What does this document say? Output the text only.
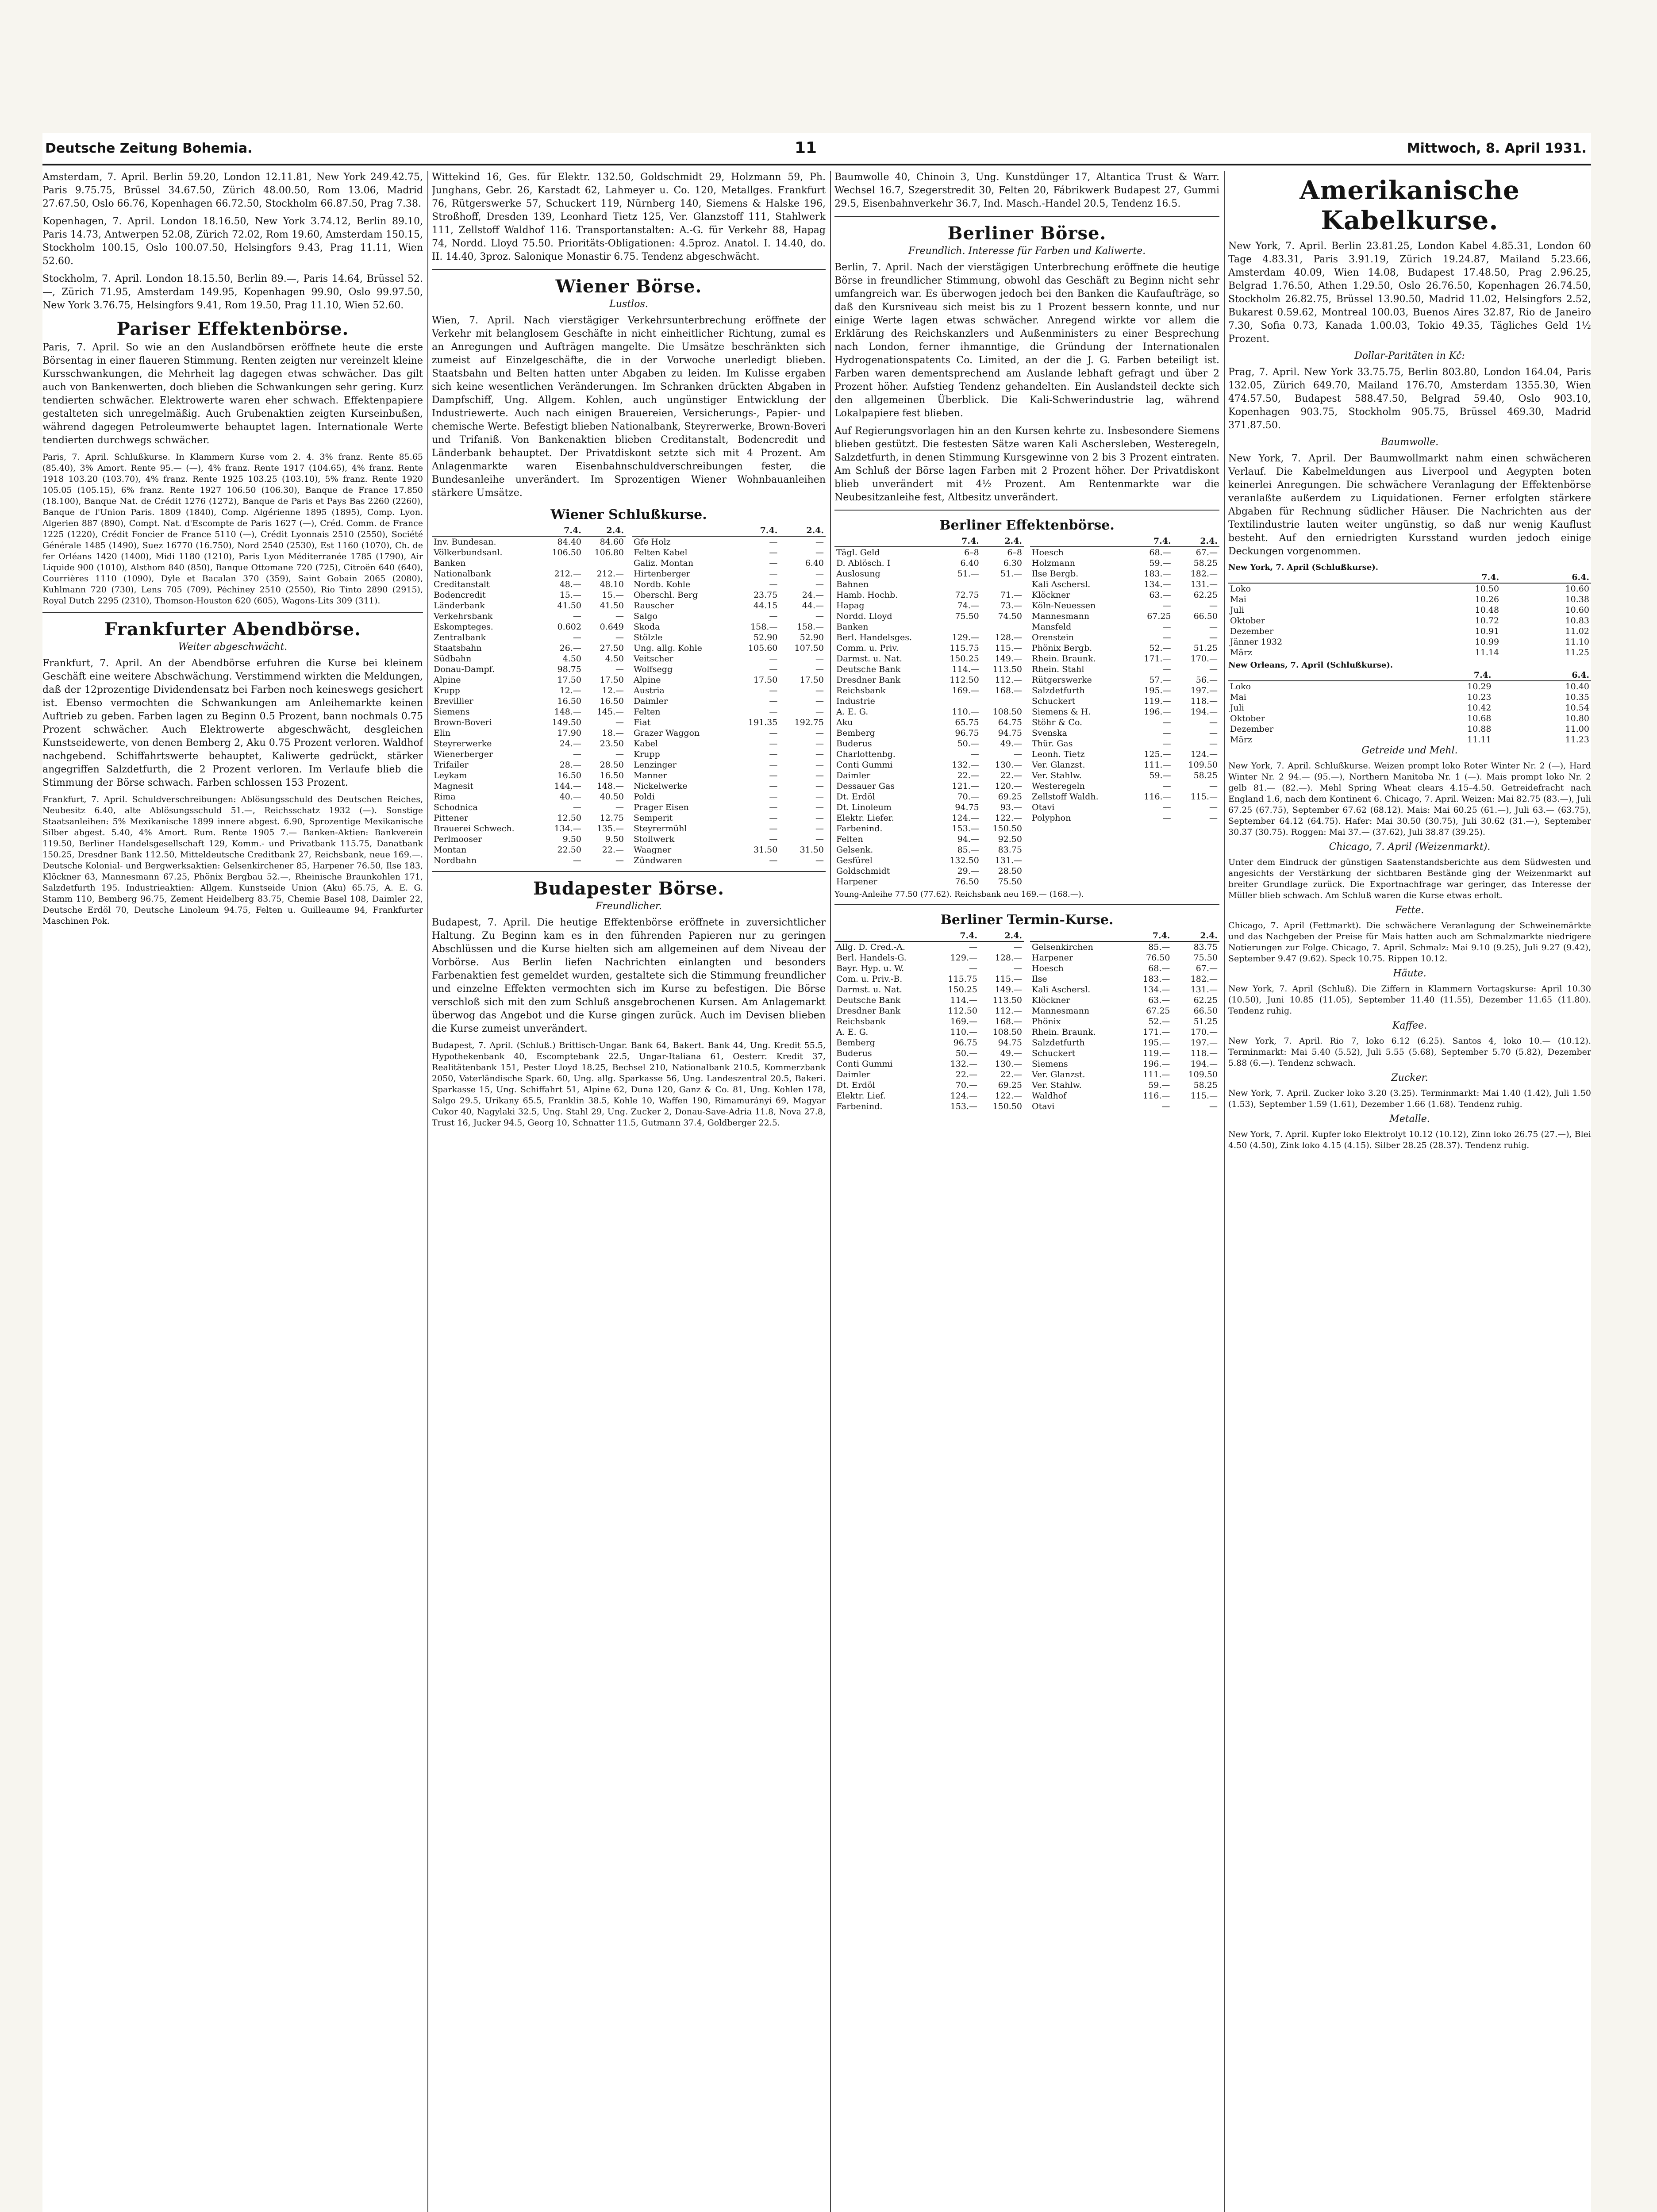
Deutsche Zeitung Bohemia.	11	Mittwoch, 8. April 1931.

Amsterdam, 7. April. Berlin 59.20, London 12.11.81, New York 249.42.75, Paris 9.75.75, Brüssel 34.67.50, Zürich 48.00.50, Rom 13.06, Madrid 27.67.50, Oslo 66.76, Kopenhagen 66.72.50, Stockholm 66.87.50, Prag 7.38.

Kopenhagen, 7. April. London 18.16.50, New York 3.74.12, Berlin 89.10, Paris 14.73, Antwerpen 52.08, Zürich 72.02, Rom 19.60, Amsterdam 150.15, Stockholm 100.15, Oslo 100.07.50, Helsingfors 9.43, Prag 11.11, Wien 52.60.

Stockholm, 7. April. London 18.15.50, Berlin 89.—, Paris 14.64, Brüssel 52.—, Zürich 71.95, Amsterdam 149.95, Kopenhagen 99.90, Oslo 99.97.50, New York 3.76.75, Helsingfors 9.41, Rom 19.50, Prag 11.10, Wien 52.60.

Pariser Effektenbörse.

Paris, 7. April. So wie an den Auslandbörsen eröffnete heute die erste Börsentag in einer flaueren Stimmung. Renten zeigten nur vereinzelt kleine Kursschwankungen, die Mehrheit lag dagegen etwas schwächer. Das gilt auch von Bankenwerten, doch blieben die Schwankungen sehr gering. Kurz tendierten schwächer. Elektrowerte waren eher schwach. Effektenpapiere gestalteten sich unregelmäßig. Auch Grubenaktien zeigten Kurseinbußen, während dagegen Petroleumwerte behauptet lagen. Internationale Werte tendierten durchwegs schwächer.

Paris, 7. April. Schlußkurse. In Klammern Kurse vom 2. 4. 3% franz. Rente 85.65 (85.40), 3% Amort. Rente 95.— (—), 4% franz. Rente 1917 (104.65), 4% franz. Rente 1918 103.20 (103.70), 4% franz. Rente 1925 103.25 (103.10), 5% franz. Rente 1920 105.05 (105.15), 6% franz. Rente 1927 106.50 (106.30), Banque de France 17.850 (18.100), Banque Nat. de Crédit 1276 (1272), Banque de Paris et Pays Bas 2260 (2260), Banque de l'Union Paris. 1809 (1840), Comp. Algérienne 1895 (1895), Comp. Lyon. Algerien 887 (890), Compt. Nat. d'Escompte de Paris 1627 (—), Créd. Comm. de France 1225 (1220), Crédit Foncier de France 5110 (—), Crédit Lyonnais 2510 (2550), Société Générale 1485 (1490), Suez 16770 (16.750), Nord 2540 (2530), Est 1160 (1070), Ch. de fer Orléans 1420 (1400), Midi 1180 (1210), Paris Lyon Méditerranée 1785 (1790), Air Liquide 900 (1010), Alsthom 840 (850), Banque Ottomane 720 (725), Citroën 640 (640), Courrières 1110 (1090), Dyle et Bacalan 370 (359), Saint Gobain 2065 (2080), Kuhlmann 720 (730), Lens 705 (709), Péchiney 2510 (2550), Rio Tinto 2890 (2915), Royal Dutch 2295 (2310), Thomson-Houston 620 (605), Wagons-Lits 309 (311).

Frankfurter Abendbörse.
Weiter abgeschwächt.

Frankfurt, 7. April. An der Abendbörse erfuhren die Kurse bei kleinem Geschäft eine weitere Abschwächung. Verstimmend wirkten die Meldungen, daß der 12prozentige Dividendensatz bei Farben noch keineswegs gesichert ist. Ebenso vermochten die Schwankungen am Anleihemarkte keinen Auftrieb zu geben. Farben lagen zu Beginn 0.5 Prozent, bann nochmals 0.75 Prozent schwächer. Auch Elektrowerte abgeschwächt, desgleichen Kunstseidewerte, von denen Bemberg 2, Aku 0.75 Prozent verloren. Waldhof nachgebend. Schiffahrtswerte behauptet, Kaliwerte gedrückt, stärker angegriffen Salzdetfurth, die 2 Prozent verloren. Im Verlaufe blieb die Stimmung der Börse schwach. Farben schlossen 153 Prozent.

Frankfurt, 7. April. Schuldverschreibungen: Ablösungsschuld des Deutschen Reiches, Neubesitz 6.40, alte Ablösungsschuld 51.—, Reichsschatz 1932 (—). Sonstige Staatsanleihen: 5% Mexikanische 1899 innere abgest. 6.90, Sprozentige Mexikanische Silber abgest. 5.40, 4% Amort. Rum. Rente 1905 7.— Banken-Aktien: Bankverein 119.50, Berliner Handelsgesellschaft 129, Komm.- und Privatbank 115.75, Danatbank 150.25, Dresdner Bank 112.50, Mitteldeutsche Creditbank 27, Reichsbank, neue 169.—. Deutsche Kolonial- und Bergwerksaktien: Gelsenkirchener 85, Harpener 76.50, Ilse 183, Klöckner 63, Mannesmann 67.25, Phönix Bergbau 52.—, Rheinische Braunkohlen 171, Salzdetfurth 195. Industrieaktien: Allgem. Kunstseide Union (Aku) 65.75, A. E. G. Stamm 110, Bemberg 96.75, Zement Heidelberg 83.75, Chemie Basel 108, Daimler 22, Deutsche Erdöl 70, Deutsche Linoleum 94.75, Felten u. Guilleaume 94, Frankfurter Maschinen Pok.

Wittekind 16, Ges. für Elektr. 132.50, Goldschmidt 29, Holzmann 59, Ph. Junghans, Gebr. 26, Karstadt 62, Lahmeyer u. Co. 120, Metallges. Frankfurt 76, Rütgerswerke 57, Schuckert 119, Nürnberg 140, Siemens & Halske 196, Stroßhoff, Dresden 139, Leonhard Tietz 125, Ver. Glanzstoff 111, Stahlwerk 111, Zellstoff Waldhof 116. Transportanstalten: A.-G. für Verkehr 88, Hapag 74, Nordd. Lloyd 75.50. Prioritäts-Obligationen: 4.5proz. Anatol. I. 14.40, do. II. 14.40, 3proz. Salonique Monastir 6.75. Tendenz abgeschwächt.

Wiener Börse.
Lustlos.

Wien, 7. April. Nach vierstägiger Verkehrsunterbrechung eröffnete der Verkehr mit belanglosem Geschäfte in nicht einheitlicher Richtung, zumal es an Anregungen und Aufträgen mangelte. Die Umsätze beschränkten sich zumeist auf Einzelgeschäfte, die in der Vorwoche unerledigt blieben. Staatsbahn und Belten hatten unter Abgaben zu leiden. Im Kulisse ergaben sich keine wesentlichen Veränderungen. Im Schranken drückten Abgaben in Dampfschiff, Ung. Allgem. Kohlen, auch ungünstiger Entwicklung der Industriewerte. Auch nach einigen Brauereien, Versicherungs-, Papier- und chemische Werte. Befestigt blieben Nationalbank, Steyrerwerke, Brown-Boveri und Trifaniß. Von Bankenaktien blieben Creditanstalt, Bodencredit und Länderbank behauptet. Der Privatdiskont setzte sich mit 4 Prozent. Am Anlagenmarkte waren Eisenbahnschuldverschreibungen fester, die Bundesanleihe unverändert. Im Sprozentigen Wiener Wohnbauanleihen stärkere Umsätze.

Wiener Schlußkurse.
	7.4.	2.4.
Inv. Bundesan.	84.40	84.60
Völkerbundsanl.	106.50	106.80
Banken		
Nationalbank	212.—	212.—
Creditanstalt	48.—	48.10
Bodencredit	15.—	15.—
Länderbank	41.50	41.50
Verkehrsbank	—	—
Eskompteges.	0.602	0.649
Zentralbank	—	—
Staatsbahn	26.—	27.50
Südbahn	4.50	4.50
Donau-Dampf.	98.75	—
Alpine	17.50	17.50
Krupp	12.—	12.—
Brevillier	16.50	16.50
Siemens	148.—	145.—
Brown-Boveri	149.50	—
Elin	17.90	18.—
Steyrerwerke	24.—	23.50
Wienerberger	—	—
Trifailer	28.—	28.50
Leykam	16.50	16.50
Magnesit	144.—	148.—
Rima	40.—	40.50
Schodnica	—	—
Pittener	12.50	12.75
Brauerei Schwech.	134.—	135.—
Perlmooser	9.50	9.50
Montan	22.50	22.—
Nordbahn	—	—
	7.4.	2.4.
Gfe Holz	—	—
Felten Kabel	—	—
Galiz. Montan	—	6.40
Hirtenberger	—	—
Nordb. Kohle	—	—
Oberschl. Berg	23.75	24.—
Rauscher	44.15	44.—
Salgo	—	—
Skoda	158.—	158.—
Stölzle	52.90	52.90
Ung. allg. Kohle	105.60	107.50
Veitscher	—	—
Wolfsegg	—	—
Alpine	17.50	17.50
Austria	—	—
Daimler	—	—
Felten	—	—
Fiat	191.35	192.75
Grazer Waggon	—	—
Kabel	—	—
Krupp	—	—
Lenzinger	—	—
Manner	—	—
Nickelwerke	—	—
Poldi	—	—
Prager Eisen	—	—
Semperit	—	—
Steyrermühl	—	—
Stollwerk	—	—
Waagner	31.50	31.50
Zündwaren	—	—
Budapester Börse.
Freundlicher.

Budapest, 7. April. Die heutige Effektenbörse eröffnete in zuversichtlicher Haltung. Zu Beginn kam es in den führenden Papieren nur zu geringen Abschlüssen und die Kurse hielten sich am allgemeinen auf dem Niveau der Vorbörse. Aus Berlin liefen Nachrichten einlangten und besonders Farbenaktien fest gemeldet wurden, gestaltete sich die Stimmung freundlicher und einzelne Effekten vermochten sich im Kurse zu befestigen. Die Börse verschloß sich mit den zum Schluß ansgebrochenen Kursen. Am Anlagemarkt überwog das Angebot und die Kurse gingen zurück. Auch im Devisen blieben die Kurse zumeist unverändert.

Budapest, 7. April. (Schluß.) Brittisch-Ungar. Bank 64, Bakert. Bank 44, Ung. Kredit 55.5, Hypothekenbank 40, Escomptebank 22.5, Ungar-Italiana 61, Oesterr. Kredit 37, Realitätenbank 151, Pester Lloyd 18.25, Bechsel 210, Nationalbank 210.5, Kommerzbank 2050, Vaterländische Spark. 60, Ung. allg. Sparkasse 56, Ung. Landeszentral 20.5, Bakeri. Sparkasse 15, Ung. Schiffahrt 51, Alpine 62, Duna 120, Ganz & Co. 81, Ung. Kohlen 178, Salgo 29.5, Urikany 65.5, Franklin 38.5, Kohle 10, Waffen 190, Rimamurányi 69, Magyar Cukor 40, Nagylaki 32.5, Ung. Stahl 29, Ung. Zucker 2, Donau-Save-Adria 11.8, Nova 27.8, Trust 16, Jucker 94.5, Georg 10, Schnatter 11.5, Gutmann 37.4, Goldberger 22.5.

Baumwolle 40, Chinoin 3, Ung. Kunstdünger 17, Altantica Trust & Warr. Wechsel 16.7, Szegerstredit 30, Felten 20, Fábrikwerk Budapest 27, Gummi 29.5, Eisenbahnverkehr 36.7, Ind. Masch.-Handel 20.5, Tendenz 16.5.

Berliner Börse.
Freundlich. Interesse für Farben und Kaliwerte.

Berlin, 7. April. Nach der vierstägigen Unterbrechung eröffnete die heutige Börse in freundlicher Stimmung, obwohl das Geschäft zu Beginn nicht sehr umfangreich war. Es überwogen jedoch bei den Banken die Kaufaufträge, so daß den Kursniveau sich meist bis zu 1 Prozent bessern konnte, und nur einige Werte lagen etwas schwächer. Anregend wirkte vor allem die Erklärung des Reichskanzlers und Außenministers zu einer Besprechung nach London, ferner ihmanntige, die Gründung der Internationalen Hydrogenationspatents Co. Limited, an der die J. G. Farben beteiligt ist. Farben waren dementsprechend am Auslande lebhaft gefragt und über 2 Prozent höher. Aufstieg Tendenz gehandelten. Ein Auslandsteil deckte sich den allgemeinen Überblick. Die Kali-Schwerindustrie lag, während Lokalpapiere fest blieben.

Auf Regierungsvorlagen hin an den Kursen kehrte zu. Insbesondere Siemens blieben gestützt. Die festesten Sätze waren Kali Aschersleben, Westeregeln, Salzdetfurth, in denen Stimmung Kursgewinne von 2 bis 3 Prozent eintraten. Am Schluß der Börse lagen Farben mit 2 Prozent höher. Der Privatdiskont blieb unverändert mit 4½ Prozent. Am Rentenmarkte war die Neubesitzanleihe fest, Altbesitz unverändert.

Berliner Effektenbörse.
	7.4.	2.4.
Tägl. Geld	6–8	6–8
D. Ablösch. I	6.40	6.30
Auslosung	51.—	51.—
Bahnen		
Hamb. Hochb.	72.75	71.—
Hapag	74.—	73.—
Nordd. Lloyd	75.50	74.50
Banken		
Berl. Handelsges.	129.—	128.—
Comm. u. Priv.	115.75	115.—
Darmst. u. Nat.	150.25	149.—
Deutsche Bank	114.—	113.50
Dresdner Bank	112.50	112.—
Reichsbank	169.—	168.—
Industrie		
A. E. G.	110.—	108.50
Aku	65.75	64.75
Bemberg	96.75	94.75
Buderus	50.—	49.—
Charlottenbg.	—	—
Conti Gummi	132.—	130.—
Daimler	22.—	22.—
Dessauer Gas	121.—	120.—
Dt. Erdöl	70.—	69.25
Dt. Linoleum	94.75	93.—
Elektr. Liefer.	124.—	122.—
Farbenind.	153.—	150.50
Felten	94.—	92.50
Gelsenk.	85.—	83.75
Gesfürel	132.50	131.—
Goldschmidt	29.—	28.50
Harpener	76.50	75.50
	7.4.	2.4.
Hoesch	68.—	67.—
Holzmann	59.—	58.25
Ilse Bergb.	183.—	182.—
Kali Aschersl.	134.—	131.—
Klöckner	63.—	62.25
Köln-Neuessen	—	—
Mannesmann	67.25	66.50
Mansfeld	—	—
Orenstein	—	—
Phönix Bergb.	52.—	51.25
Rhein. Braunk.	171.—	170.—
Rhein. Stahl	—	—
Rütgerswerke	57.—	56.—
Salzdetfurth	195.—	197.—
Schuckert	119.—	118.—
Siemens & H.	196.—	194.—
Stöhr & Co.	—	—
Svenska	—	—
Thür. Gas	—	—
Leonh. Tietz	125.—	124.—
Ver. Glanzst.	111.—	109.50
Ver. Stahlw.	59.—	58.25
Westeregeln	—	—
Zellstoff Waldh.	116.—	115.—
Otavi	—	—
Polyphon	—	—
Young-Anleihe 77.50 (77.62). Reichsbank neu 169.— (168.—).
Berliner Termin-Kurse.
	7.4.	2.4.
Allg. D. Cred.-A.	—	—
Berl. Handels-G.	129.—	128.—
Bayr. Hyp. u. W.	—	—
Com. u. Priv.-B.	115.75	115.—
Darmst. u. Nat.	150.25	149.—
Deutsche Bank	114.—	113.50
Dresdner Bank	112.50	112.—
Reichsbank	169.—	168.—
A. E. G.	110.—	108.50
Bemberg	96.75	94.75
Buderus	50.—	49.—
Conti Gummi	132.—	130.—
Daimler	22.—	22.—
Dt. Erdöl	70.—	69.25
Elektr. Lief.	124.—	122.—
Farbenind.	153.—	150.50
	7.4.	2.4.
Gelsenkirchen	85.—	83.75
Harpener	76.50	75.50
Hoesch	68.—	67.—
Ilse	183.—	182.—
Kali Aschersl.	134.—	131.—
Klöckner	63.—	62.25
Mannesmann	67.25	66.50
Phönix	52.—	51.25
Rhein. Braunk.	171.—	170.—
Salzdetfurth	195.—	197.—
Schuckert	119.—	118.—
Siemens	196.—	194.—
Ver. Glanzst.	111.—	109.50
Ver. Stahlw.	59.—	58.25
Waldhof	116.—	115.—
Otavi	—	—
Amerikanische Kabelkurse.

New York, 7. April. Berlin 23.81.25, London Kabel 4.85.31, London 60 Tage 4.83.31, Paris 3.91.19, Zürich 19.24.87, Mailand 5.23.66, Amsterdam 40.09, Wien 14.08, Budapest 17.48.50, Prag 2.96.25, Belgrad 1.76.50, Athen 1.29.50, Oslo 26.76.50, Kopenhagen 26.74.50, Stockholm 26.82.75, Brüssel 13.90.50, Madrid 11.02, Helsingfors 2.52, Bukarest 0.59.62, Montreal 100.03, Buenos Aires 32.87, Rio de Janeiro 7.30, Sofia 0.73, Kanada 1.00.03, Tokio 49.35, Tägliches Geld 1½ Prozent.

Dollar-Paritäten in Kč:

Prag, 7. April. New York 33.75.75, Berlin 803.80, London 164.04, Paris 132.05, Zürich 649.70, Mailand 176.70, Amsterdam 1355.30, Wien 474.57.50, Budapest 588.47.50, Belgrad 59.40, Oslo 903.10, Kopenhagen 903.75, Stockholm 905.75, Brüssel 469.30, Madrid 371.87.50.

Baumwolle.

New York, 7. April. Der Baumwollmarkt nahm einen schwächeren Verlauf. Die Kabelmeldungen aus Liverpool und Aegypten boten keinerlei Anregungen. Die schwächere Veranlagung der Effektenbörse veranlaßte außerdem zu Liquidationen. Ferner erfolgten stärkere Abgaben für Rechnung südlicher Häuser. Die Nachrichten aus der Textilindustrie lauten weiter ungünstig, so daß nur wenig Kauflust besteht. Auf den erniedrigten Kursstand wurden jedoch einige Deckungen vorgenommen.

New York, 7. April (Schlußkurse).
	7.4.	6.4.
Loko	10.50	10.60
Mai	10.26	10.38
Juli	10.48	10.60
Oktober	10.72	10.83
Dezember	10.91	11.02
Jänner 1932	10.99	11.10
März	11.14	11.25
New Orleans, 7. April (Schlußkurse).
	7.4.	6.4.
Loko	10.29	10.40
Mai	10.23	10.35
Juli	10.42	10.54
Oktober	10.68	10.80
Dezember	10.88	11.00
März	11.11	11.23
Getreide und Mehl.

New York, 7. April. Schlußkurse. Weizen prompt loko Roter Winter Nr. 2 (—), Hard Winter Nr. 2 94.— (95.—), Northern Manitoba Nr. 1 (—). Mais prompt loko Nr. 2 gelb 81.— (82.—). Mehl Spring Wheat clears 4.15–4.50. Getreidefracht nach England 1.6, nach dem Kontinent 6. Chicago, 7. April. Weizen: Mai 82.75 (83.—), Juli 67.25 (67.75), September 67.62 (68.12). Mais: Mai 60.25 (61.—), Juli 63.— (63.75), September 64.12 (64.75). Hafer: Mai 30.50 (30.75), Juli 30.62 (31.—), September 30.37 (30.75). Roggen: Mai 37.— (37.62), Juli 38.87 (39.25).

Chicago, 7. April (Weizenmarkt).

Unter dem Eindruck der günstigen Saatenstandsberichte aus dem Südwesten und angesichts der Verstärkung der sichtbaren Bestände ging der Weizenmarkt auf breiter Grundlage zurück. Die Exportnachfrage war geringer, das Interesse der Müller blieb schwach. Am Schluß waren die Kurse etwas erholt.

Fette.

Chicago, 7. April (Fettmarkt). Die schwächere Veranlagung der Schweinemärkte und das Nachgeben der Preise für Mais hatten auch am Schmalzmarkte niedrigere Notierungen zur Folge. Chicago, 7. April. Schmalz: Mai 9.10 (9.25), Juli 9.27 (9.42), September 9.47 (9.62). Speck 10.75. Rippen 10.12.

Häute.

New York, 7. April (Schluß). Die Ziffern in Klammern Vortagskurse: April 10.30 (10.50), Juni 10.85 (11.05), September 11.40 (11.55), Dezember 11.65 (11.80). Tendenz ruhig.

Kaffee.

New York, 7. April. Rio 7, loko 6.12 (6.25). Santos 4, loko 10.— (10.12). Terminmarkt: Mai 5.40 (5.52), Juli 5.55 (5.68), September 5.70 (5.82), Dezember 5.88 (6.—). Tendenz schwach.

Zucker.

New York, 7. April. Zucker loko 3.20 (3.25). Terminmarkt: Mai 1.40 (1.42), Juli 1.50 (1.53), September 1.59 (1.61), Dezember 1.66 (1.68). Tendenz ruhig.

Metalle.

New York, 7. April. Kupfer loko Elektrolyt 10.12 (10.12), Zinn loko 26.75 (27.—), Blei 4.50 (4.50), Zink loko 4.15 (4.15). Silber 28.25 (28.37). Tendenz ruhig.
